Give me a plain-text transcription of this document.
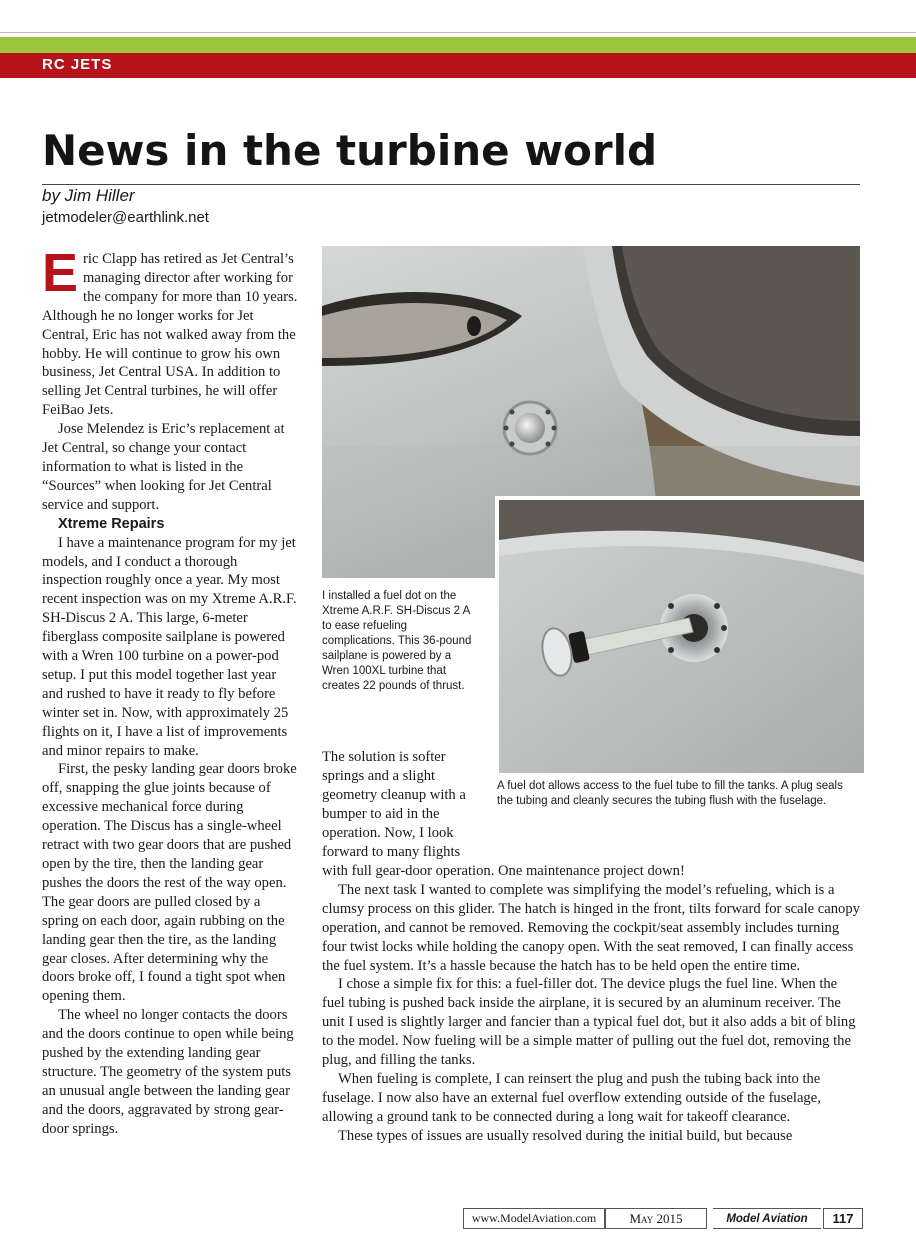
RC JETS
News in the turbine world
by Jim Hiller
jetmodeler@earthlink.net

Eric Clapp has retired as Jet Central’s managing director after working for the company for more than 10 years. Although he no longer works for Jet Central, Eric has not walked away from the hobby. He will continue to grow his own business, Jet Central USA. In addition to selling Jet Central turbines, he will offer FeiBao Jets.

Jose Melendez is Eric’s replacement at Jet Central, so change your contact information to what is listed in the “Sources” when looking for Jet Central service and support.

Xtreme Repairs

I have a maintenance program for my jet models, and I conduct a thorough inspection roughly once a year. My most recent inspection was on my Xtreme A.R.F. SH-Discus 2 A. This large, 6-meter fiberglass composite sailplane is powered with a Wren 100 turbine on a power-pod setup. I put this model together last year and rushed to have it ready to fly before winter set in. Now, with approximately 25 flights on it, I have a list of improvements and minor repairs to make.

First, the pesky landing gear doors broke off, snapping the glue joints because of excessive mechanical force during operation. The Discus has a single-wheel retract with two gear doors that are pushed open by the tire, then the landing gear pushes the doors the rest of the way open. The gear doors are pulled closed by a spring on each door, again rubbing on the landing gear then the tire, as the landing gear closes. After determining why the doors broke off, I found a tight spot when opening them.

The wheel no longer contacts the doors and the doors continue to open while being pushed by the extending landing gear structure. The geometry of the system puts an unusual angle between the landing gear and the doors, aggravated by strong gear-door springs.

I installed a fuel dot on the Xtreme A.R.F. SH-Discus 2 A to ease refueling complications. This 36-pound sailplane is powered by a Wren 100XL turbine that creates 22 pounds of thrust.
A fuel dot allows access to the fuel tube to fill the tanks. A plug seals the tubing and cleanly secures the tubing flush with the fuselage.

The solution is softer springs and a slight geometry cleanup with a bumper to aid in the operation. Now, I look forward to many flights

with full gear-door operation. One maintenance project down!

The next task I wanted to complete was simplifying the model’s refueling, which is a clumsy process on this glider. The hatch is hinged in the front, tilts forward for scale canopy operation, and cannot be removed. Removing the cockpit/seat assembly includes turning four twist locks while holding the canopy open. With the seat removed, I can finally access the fuel system. It’s a hassle because the hatch has to be held open the entire time.

I chose a simple fix for this: a fuel-filler dot. The device plugs the fuel line. When the fuel tubing is pushed back inside the airplane, it is secured by an aluminum receiver. The unit I used is slightly larger and fancier than a typical fuel dot, but it also adds a bit of bling to the model. Now fueling will be a simple matter of pulling out the fuel dot, removing the plug, and filling the tanks.

When fueling is complete, I can reinsert the plug and push the tubing back into the fuselage. I now also have an external fuel overflow extending outside of the fuselage, allowing a ground tank to be connected during a long wait for takeoff clearance.

These types of issues are usually resolved during the initial build, but because

www.ModelAviation.com	May 2015	Model Aviation	117
